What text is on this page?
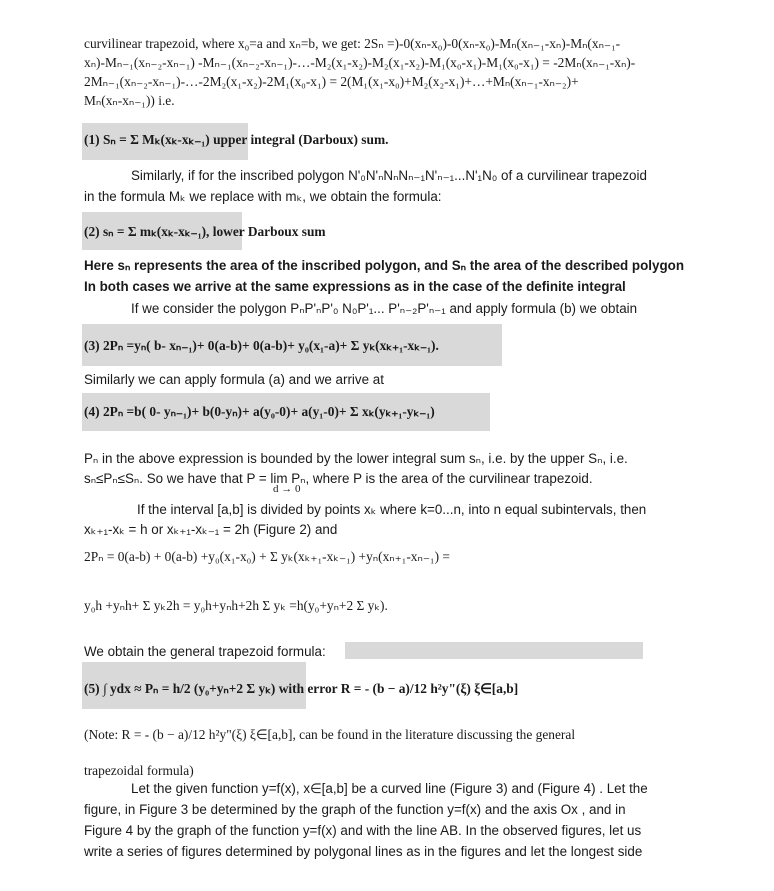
curvilinear trapezoid, where x₀=a and xₙ=b, we get: 2Sₙ =)-0(xₙ-x₀)-0(xₙ-x₀)-Mₙ(xₙ₋₁-xₙ)-Mₙ(xₙ₋₁-
xₙ)-Mₙ₋₁(xₙ₋₂-xₙ₋₁) -Mₙ₋₁(xₙ₋₂-xₙ₋₁)-…-M₂(x₁-x₂)-M₂(x₁-x₂)-M₁(x₀-x₁)-M₁(x₀-x₁) = -2Mₙ(xₙ₋₁-xₙ)-
2Mₙ₋₁(xₙ₋₂-xₙ₋₁)-…-2M₂(x₁-x₂)-2M₁(x₀-x₁) = 2(M₁(x₁-x₀)+M₂(x₂-x₁)+…+Mₙ(xₙ₋₁-xₙ₋₂)+
Mₙ(xₙ-xₙ₋₁)) i.e.
(1) Sₙ = Σ Mₖ(xₖ-xₖ₋₁) upper integral (Darboux) sum.
Similarly, if for the inscribed polygon N'₀N'ₙNₙNₙ₋₁N'ₙ₋₁...N'₁N₀ of a curvilinear trapezoid
in the formula Mₖ we replace with mₖ, we obtain the formula:
(2) sₙ = Σ mₖ(xₖ-xₖ₋₁), lower Darboux sum
Here sₙ represents the area of the inscribed polygon, and Sₙ the area of the described polygon
In both cases we arrive at the same expressions as in the case of the definite integral
If we consider the polygon PₙP'ₙP'₀ N₀P'₁... P'ₙ₋₂P'ₙ₋₁ and apply formula (b) we obtain
(3) 2Pₙ =yₙ( b- xₙ₋₁)+ 0(a-b)+ 0(a-b)+ y₀(x₁-a)+ Σ yₖ(xₖ₊₁-xₖ₋₁).
Similarly we can apply formula (a) and we arrive at
(4) 2Pₙ =b( 0- yₙ₋₁)+ b(0-yₙ)+ a(y₀-0)+ a(y₁-0)+ Σ xₖ(yₖ₊₁-yₖ₋₁)
Pₙ in the above expression is bounded by the lower integral sum sₙ, i.e. by the upper Sₙ, i.e.
sₙ≤Pₙ≤Sₙ. So we have that P = lim Pₙ, where P is the area of the curvilinear trapezoid.
d → 0
If the interval [a,b] is divided by points xₖ where k=0...n, into n equal subintervals, then
xₖ₊₁-xₖ = h or xₖ₊₁-xₖ₋₁ = 2h (Figure 2) and
2Pₙ = 0(a-b) + 0(a-b) +y₀(x₁-x₀) + Σ yₖ(xₖ₊₁-xₖ₋₁) +yₙ(xₙ₊₁-xₙ₋₁) =
y₀h +yₙh+ Σ yₖ2h = y₀h+yₙh+2h Σ yₖ =h(y₀+yₙ+2 Σ yₖ).
We obtain the general trapezoid formula:
(5) ∫ ydx ≈ Pₙ = h/2 (y₀+yₙ+2 Σ yₖ) with error R = - (b − a)/12 h²y"(ξ) ξ∈[a,b]
(Note: R = - (b − a)/12 h²y"(ξ) ξ∈[a,b], can be found in the literature discussing the general
trapezoidal formula)
Let the given function y=f(x), x∈[a,b] be a curved line (Figure 3) and (Figure 4) . Let the
figure, in Figure 3 be determined by the graph of the function y=f(x) and the axis Ox , and in
Figure 4 by the graph of the function y=f(x) and with the line AB. In the observed figures, let us
write a series of figures determined by polygonal lines as in the figures and let the longest side
